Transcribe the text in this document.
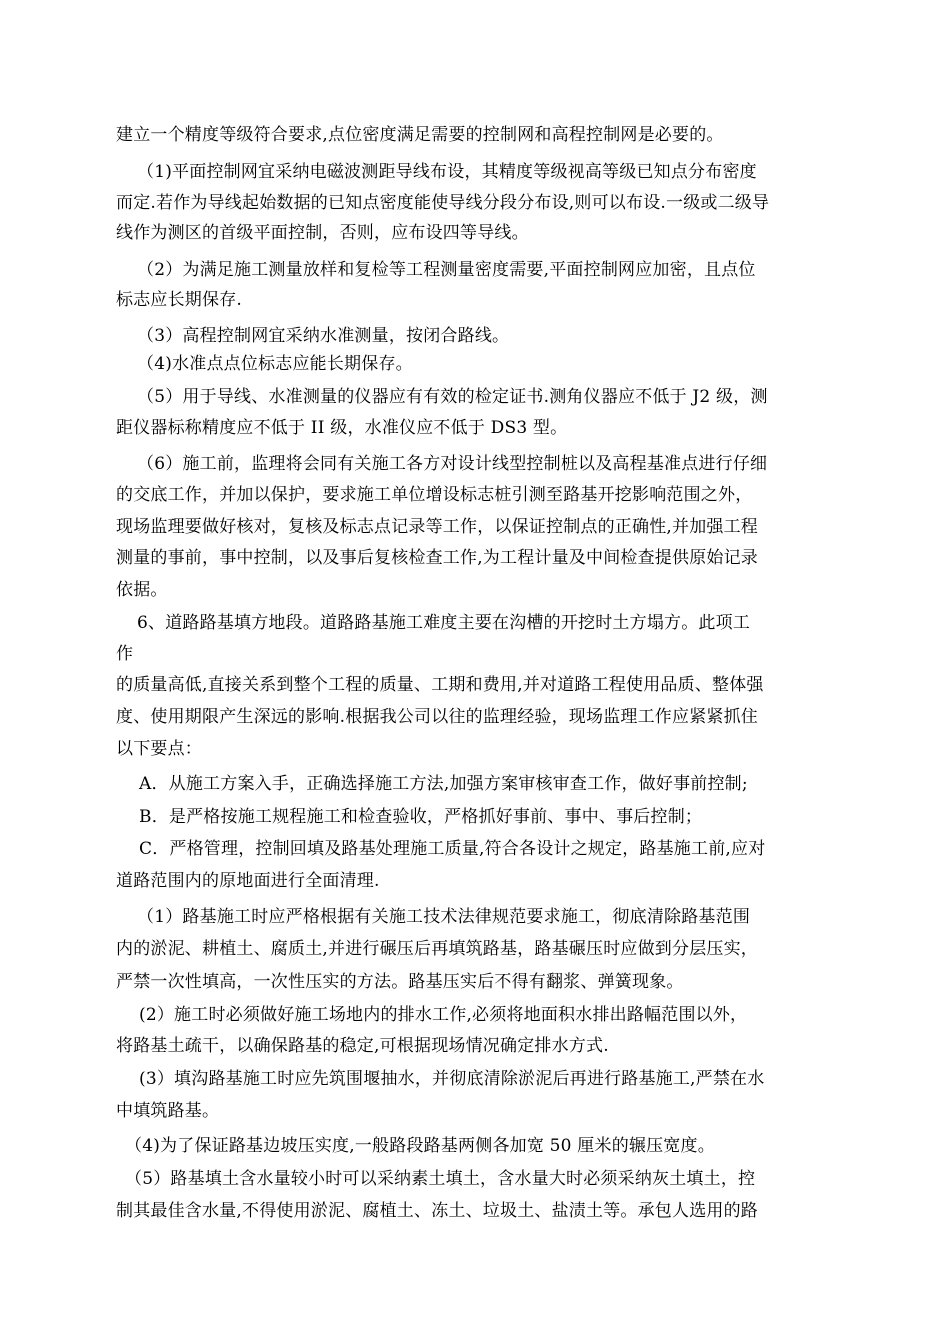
建立一个精度等级符合要求,点位密度满足需要的控制网和高程控制网是必要的。
（1)平面控制网宜采纳电磁波测距导线布设，其精度等级视高等级已知点分布密度
而定.若作为导线起始数据的已知点密度能使导线分段分布设,则可以布设.一级或二级导
线作为测区的首级平面控制，否则，应布设四等导线。
（2）为满足施工测量放样和复检等工程测量密度需要,平面控制网应加密，且点位
标志应长期保存.
（3）高程控制网宜采纳水准测量，按闭合路线。
（4)水准点点位标志应能长期保存。
（5）用于导线、水准测量的仪器应有有效的检定证书.测角仪器应不低于 J2 级，测
距仪器标称精度应不低于 II 级，水准仪应不低于 DS3 型。
（6）施工前，监理将会同有关施工各方对设计线型控制桩以及高程基准点进行仔细
的交底工作，并加以保护，要求施工单位增设标志桩引测至路基开挖影响范围之外，
现场监理要做好核对，复核及标志点记录等工作，以保证控制点的正确性,并加强工程
测量的事前，事中控制，以及事后复核检查工作,为工程计量及中间检查提供原始记录
依据。
6、道路路基填方地段。道路路基施工难度主要在沟槽的开挖时土方塌方。此项工
作
的质量高低,直接关系到整个工程的质量、工期和费用,并对道路工程使用品质、整体强
度、使用期限产生深远的影响.根据我公司以往的监理经验，现场监理工作应紧紧抓住
以下要点：
A．从施工方案入手，正确选择施工方法,加强方案审核审查工作，做好事前控制;
B．是严格按施工规程施工和检查验收，严格抓好事前、事中、事后控制；
C．严格管理，控制回填及路基处理施工质量,符合各设计之规定，路基施工前,应对
道路范围内的原地面进行全面清理.
（1）路基施工时应严格根据有关施工技术法律规范要求施工，彻底清除路基范围
内的淤泥、耕植土、腐质土,并进行碾压后再填筑路基，路基碾压时应做到分层压实，
严禁一次性填高，一次性压实的方法。路基压实后不得有翻浆、弹簧现象。
(2）施工时必须做好施工场地内的排水工作,必须将地面积水排出路幅范围以外，
将路基土疏干，以确保路基的稳定,可根据现场情况确定排水方式.
(3）填沟路基施工时应先筑围堰抽水，并彻底清除淤泥后再进行路基施工,严禁在水
中填筑路基。
（4)为了保证路基边坡压实度,一般路段路基两侧各加宽 50 厘米的辗压宽度。
（5）路基填土含水量较小时可以采纳素土填土，含水量大时必须采纳灰土填土，控
制其最佳含水量,不得使用淤泥、腐植土、冻土、垃圾土、盐渍土等。承包人选用的路
